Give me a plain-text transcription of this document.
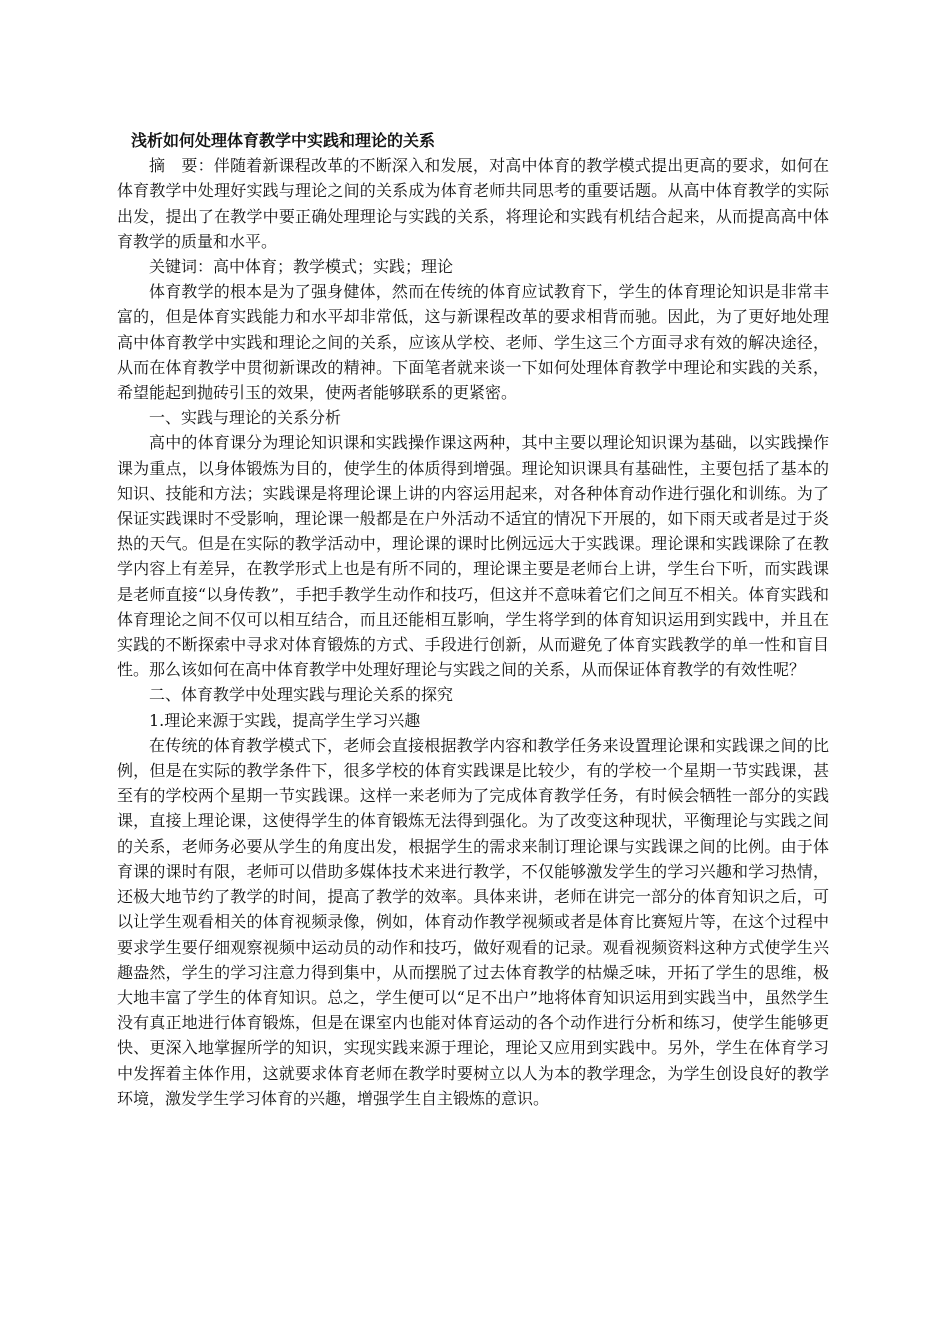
浅析如何处理体育教学中实践和理论的关系

摘　要：伴随着新课程改革的不断深入和发展，对高中体育的教学模式提出更高的要求，如何在体育教学中处理好实践与理论之间的关系成为体育老师共同思考的重要话题。从高中体育教学的实际出发，提出了在教学中要正确处理理论与实践的关系，将理论和实践有机结合起来，从而提高高中体育教学的质量和水平。

关键词：高中体育；教学模式；实践；理论

体育教学的根本是为了强身健体，然而在传统的体育应试教育下，学生的体育理论知识是非常丰富的，但是体育实践能力和水平却非常低，这与新课程改革的要求相背而驰。因此，为了更好地处理高中体育教学中实践和理论之间的关系，应该从学校、老师、学生这三个方面寻求有效的解决途径，从而在体育教学中贯彻新课改的精神。下面笔者就来谈一下如何处理体育教学中理论和实践的关系，希望能起到抛砖引玉的效果，使两者能够联系的更紧密。

一、实践与理论的关系分析

高中的体育课分为理论知识课和实践操作课这两种，其中主要以理论知识课为基础，以实践操作课为重点，以身体锻炼为目的，使学生的体质得到增强。理论知识课具有基础性，主要包括了基本的知识、技能和方法；实践课是将理论课上讲的内容运用起来，对各种体育动作进行强化和训练。为了保证实践课时不受影响，理论课一般都是在户外活动不适宜的情况下开展的，如下雨天或者是过于炎热的天气。但是在实际的教学活动中，理论课的课时比例远远大于实践课。理论课和实践课除了在教学内容上有差异，在教学形式上也是有所不同的，理论课主要是老师台上讲，学生台下听，而实践课是老师直接“以身传教”，手把手教学生动作和技巧，但这并不意味着它们之间互不相关。体育实践和体育理论之间不仅可以相互结合，而且还能相互影响，学生将学到的体育知识运用到实践中，并且在实践的不断探索中寻求对体育锻炼的方式、手段进行创新，从而避免了体育实践教学的单一性和盲目性。那么该如何在高中体育教学中处理好理论与实践之间的关系，从而保证体育教学的有效性呢？

二、体育教学中处理实践与理论关系的探究

1.理论来源于实践，提高学生学习兴趣

在传统的体育教学模式下，老师会直接根据教学内容和教学任务来设置理论课和实践课之间的比例，但是在实际的教学条件下，很多学校的体育实践课是比较少，有的学校一个星期一节实践课，甚至有的学校两个星期一节实践课。这样一来老师为了完成体育教学任务，有时候会牺牲一部分的实践课，直接上理论课，这使得学生的体育锻炼无法得到强化。为了改变这种现状，平衡理论与实践之间的关系，老师务必要从学生的角度出发，根据学生的需求来制订理论课与实践课之间的比例。由于体育课的课时有限，老师可以借助多媒体技术来进行教学，不仅能够激发学生的学习兴趣和学习热情，还极大地节约了教学的时间，提高了教学的效率。具体来讲，老师在讲完一部分的体育知识之后，可以让学生观看相关的体育视频录像，例如，体育动作教学视频或者是体育比赛短片等，在这个过程中要求学生要仔细观察视频中运动员的动作和技巧，做好观看的记录。观看视频资料这种方式使学生兴趣盎然，学生的学习注意力得到集中，从而摆脱了过去体育教学的枯燥乏味，开拓了学生的思维，极大地丰富了学生的体育知识。总之，学生便可以“足不出户”地将体育知识运用到实践当中，虽然学生没有真正地进行体育锻炼，但是在课室内也能对体育运动的各个动作进行分析和练习，使学生能够更快、更深入地掌握所学的知识，实现实践来源于理论，理论又应用到实践中。另外，学生在体育学习中发挥着主体作用，这就要求体育老师在教学时要树立以人为本的教学理念，为学生创设良好的教学环境，激发学生学习体育的兴趣，增强学生自主锻炼的意识。
